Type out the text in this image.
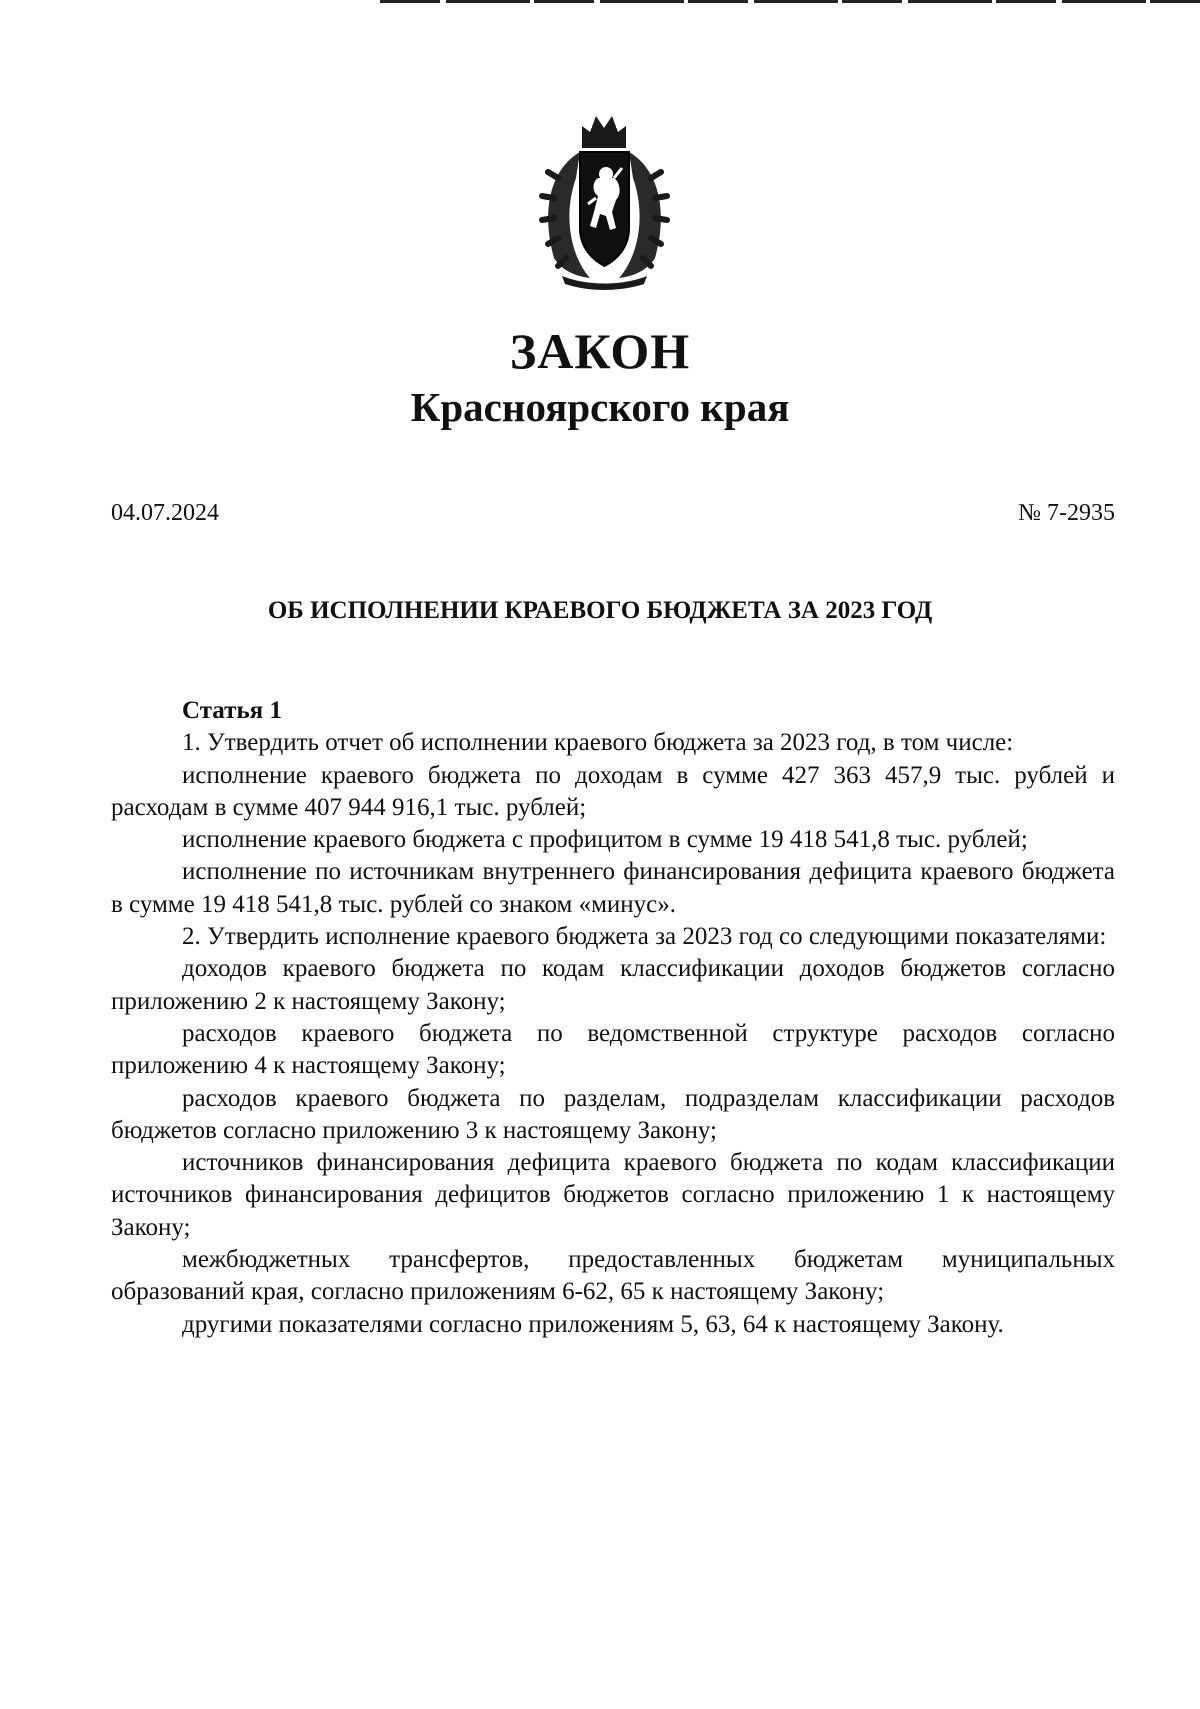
ЗАКОН
Красноярского края
04.07.2024	№ 7-2935
ОБ ИСПОЛНЕНИИ КРАЕВОГО БЮДЖЕТА ЗА 2023 ГОД

Статья 1

1. Утвердить отчет об исполнении краевого бюджета за 2023 год, в том числе:

исполнение краевого бюджета по доходам в сумме 427 363 457,9 тыс. рублей и расходам в сумме 407 944 916,1 тыс. рублей;

исполнение краевого бюджета с профицитом в сумме 19 418 541,8 тыс. рублей;

исполнение по источникам внутреннего финансирования дефицита краевого бюджета в сумме 19 418 541,8 тыс. рублей со знаком «минус».

2. Утвердить исполнение краевого бюджета за 2023 год со следующими показателями:

доходов краевого бюджета по кодам классификации доходов бюджетов согласно приложению 2 к настоящему Закону;

расходов краевого бюджета по ведомственной структуре расходов согласно приложению 4 к настоящему Закону;

расходов краевого бюджета по разделам, подразделам классификации расходов бюджетов согласно приложению 3 к настоящему Закону;

источников финансирования дефицита краевого бюджета по кодам классификации источников финансирования дефицитов бюджетов согласно приложению 1 к настоящему Закону;

межбюджетных трансфертов, предоставленных бюджетам муниципальных образований края, согласно приложениям 6-62, 65 к настоящему Закону;

другими показателями согласно приложениям 5, 63, 64 к настоящему Закону.
